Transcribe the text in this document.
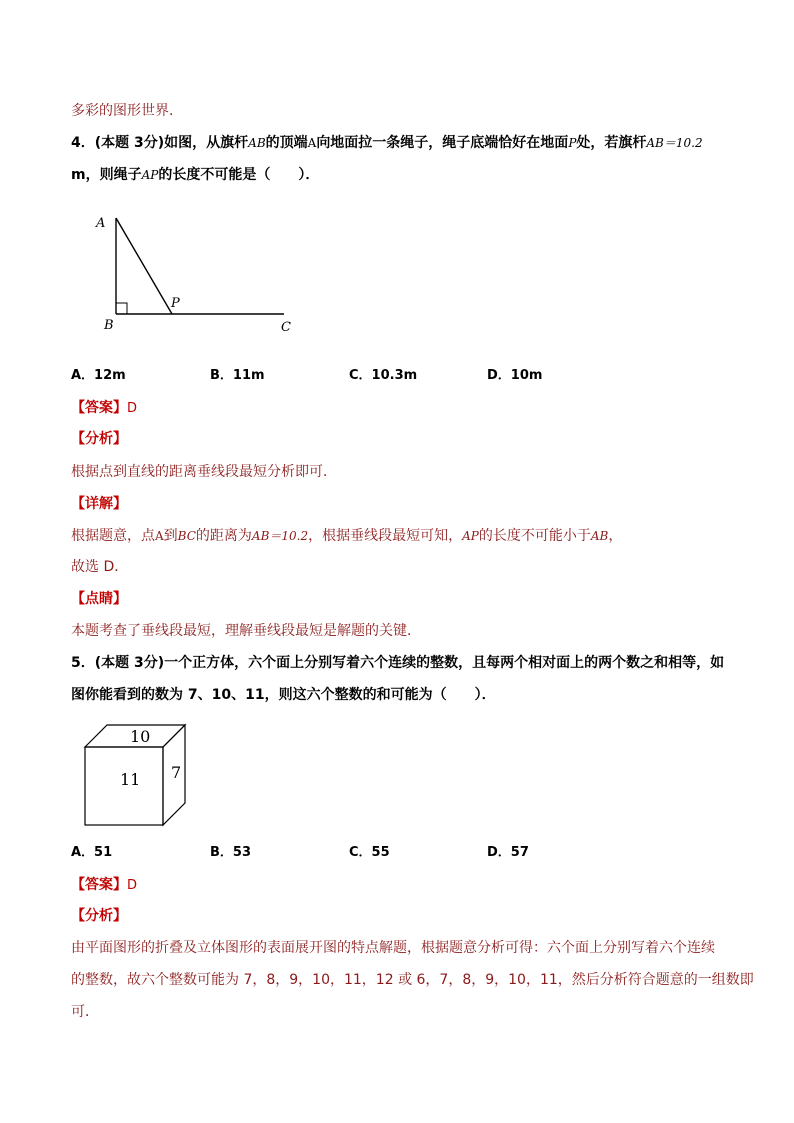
多彩的图形世界．
4．(本题 3分)如图，从旗杆AB的顶端A向地面拉一条绳子，绳子底端恰好在地面P处，若旗杆AB＝10.2
m，则绳子AP的长度不可能是（　　）．
A
B
P
C
A．12m	B．11m	C．10.3m	D．10m
【答案】D
【分析】
根据点到直线的距离垂线段最短分析即可．
【详解】
根据题意，点A到BC的距离为AB＝10.2，根据垂线段最短可知，AP的长度不可能小于AB，
故选 D．
【点睛】
本题考查了垂线段最短，理解垂线段最短是解题的关键．
5．(本题 3分)一个正方体，六个面上分别写着六个连续的整数，且每两个相对面上的两个数之和相等，如
图你能看到的数为 7、10、11，则这六个整数的和可能为（　　）．
10
11 7
A．51	B．53	C．55	D．57
【答案】D
【分析】
由平面图形的折叠及立体图形的表面展开图的特点解题，根据题意分析可得：六个面上分别写着六个连续
的整数，故六个整数可能为 7，8，9，10，11，12 或 6，7，8，9，10，11，然后分析符合题意的一组数即
可．
